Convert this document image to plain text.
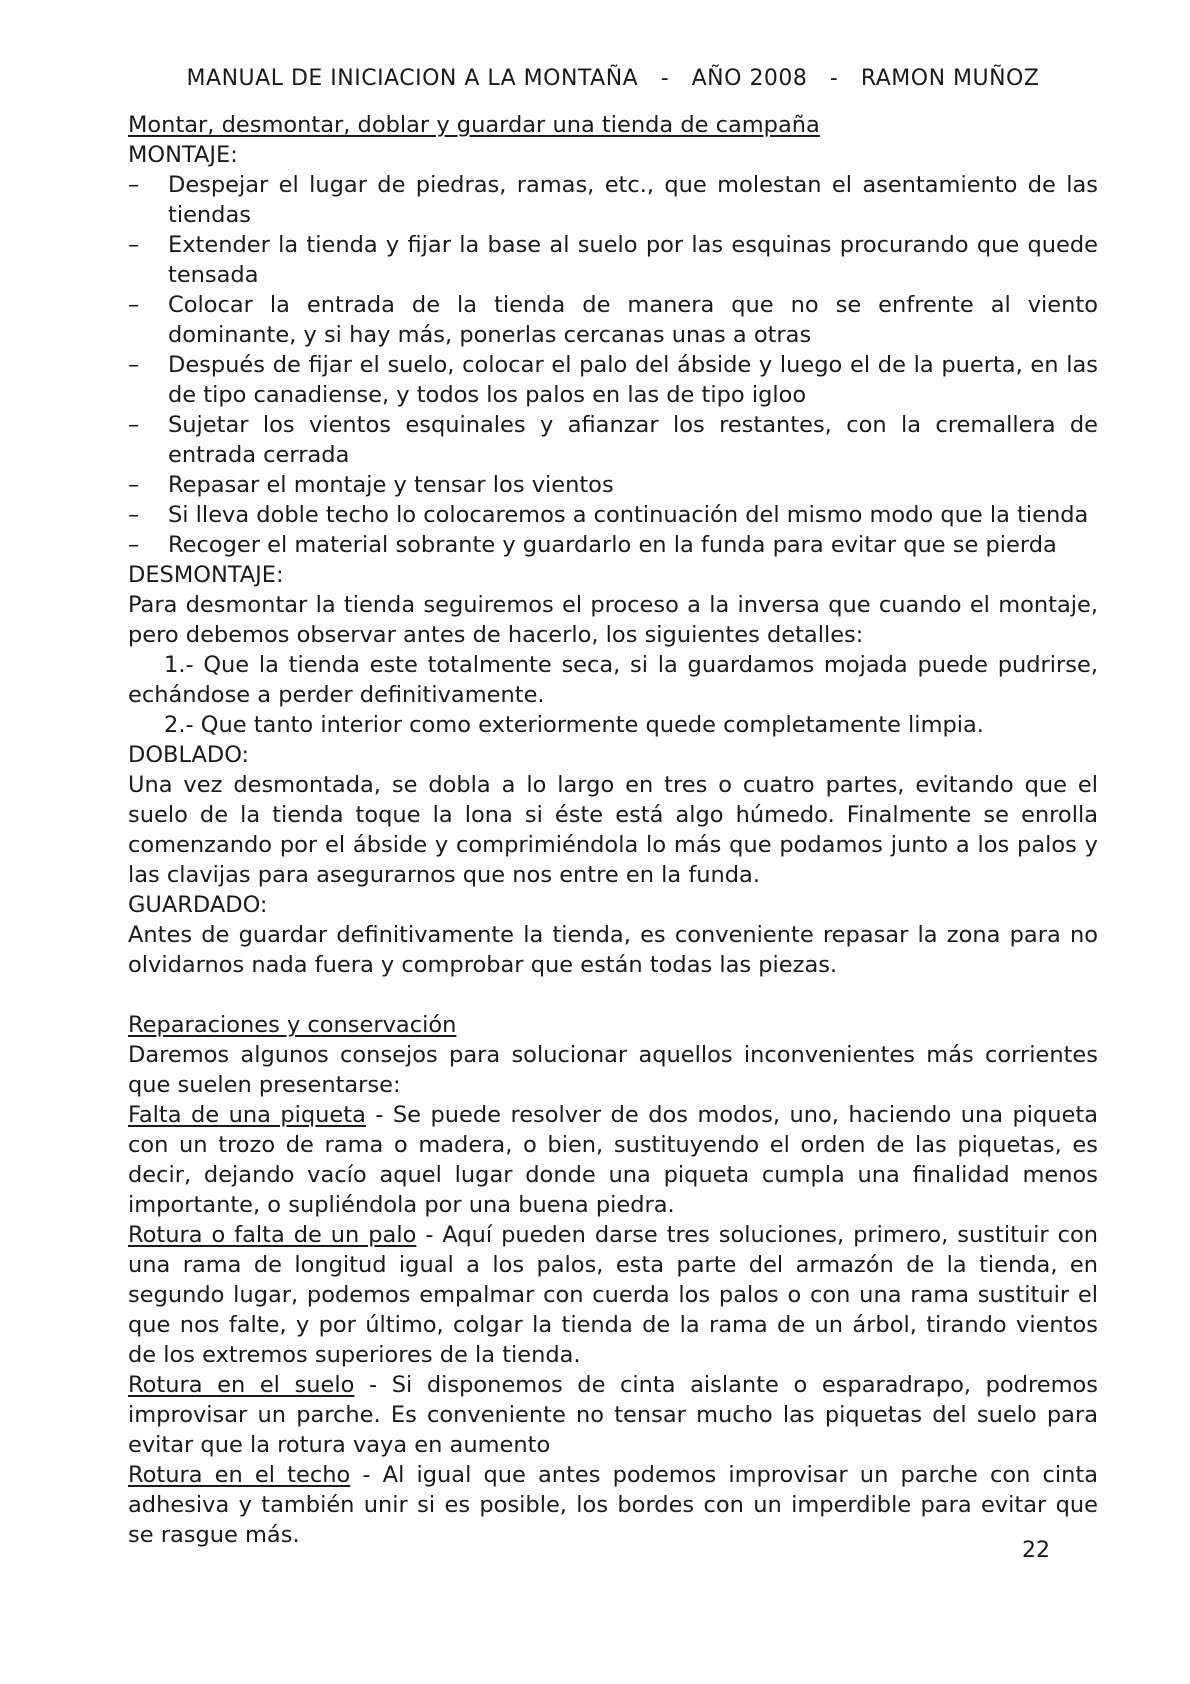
MANUAL DE INICIACION A LA MONTAÑA   -   AÑO 2008   -   RAMON MUÑOZ
Montar, desmontar, doblar y guardar una tienda de campaña
MONTAJE:
– Despejar el lugar de piedras, ramas, etc., que molestan el asentamiento de las tiendas
– Extender la tienda y fijar la base al suelo por las esquinas procurando que quede tensada
– Colocar la entrada de la tienda de manera que no se enfrente al viento dominante, y si hay más, ponerlas cercanas unas a otras
– Después de fijar el suelo, colocar el palo del ábside y luego el de la puerta, en las de tipo canadiense, y todos los palos en las de tipo igloo
– Sujetar los vientos esquinales y afianzar los restantes, con la cremallera de entrada cerrada
– Repasar el montaje y tensar los vientos
– Si lleva doble techo lo colocaremos a continuación del mismo modo que la tienda
– Recoger el material sobrante y guardarlo en la funda para evitar que se pierda
DESMONTAJE:

Para desmontar la tienda seguiremos el proceso a la inversa que cuando el montaje, pero debemos observar antes de hacerlo, los siguientes detalles:

1.- Que la tienda este totalmente seca, si la guardamos mojada puede pudrirse, echándose a perder definitivamente.

2.- Que tanto interior como exteriormente quede completamente limpia.

DOBLADO:

Una vez desmontada, se dobla a lo largo en tres o cuatro partes, evitando que el suelo de la tienda toque la lona si éste está algo húmedo. Finalmente se enrolla comenzando por el ábside y comprimiéndola lo más que podamos junto a los palos y las clavijas para asegurarnos que nos entre en la funda.

GUARDADO:

Antes de guardar definitivamente la tienda, es conveniente repasar la zona para no olvidarnos nada fuera y comprobar que están todas las piezas.

Reparaciones y conservación

Daremos algunos consejos para solucionar aquellos inconvenientes más corrientes que suelen presentarse:

Falta de una piqueta - Se puede resolver de dos modos, uno, haciendo una piqueta con un trozo de rama o madera, o bien, sustituyendo el orden de las piquetas, es decir, dejando vacío aquel lugar donde una piqueta cumpla una finalidad menos importante, o supliéndola por una buena piedra.

Rotura o falta de un palo - Aquí pueden darse tres soluciones, primero, sustituir con una rama de longitud igual a los palos, esta parte del armazón de la tienda, en segundo lugar, podemos empalmar con cuerda los palos o con una rama sustituir el que nos falte, y por último, colgar la tienda de la rama de un árbol, tirando vientos de los extremos superiores de la tienda.

Rotura en el suelo - Si disponemos de cinta aislante o esparadrapo, podremos improvisar un parche. Es conveniente no tensar mucho las piquetas del suelo para evitar que la rotura vaya en aumento

Rotura en el techo - Al igual que antes podemos improvisar un parche con cinta adhesiva y también unir si es posible, los bordes con un imperdible para evitar que se rasgue más.

22
